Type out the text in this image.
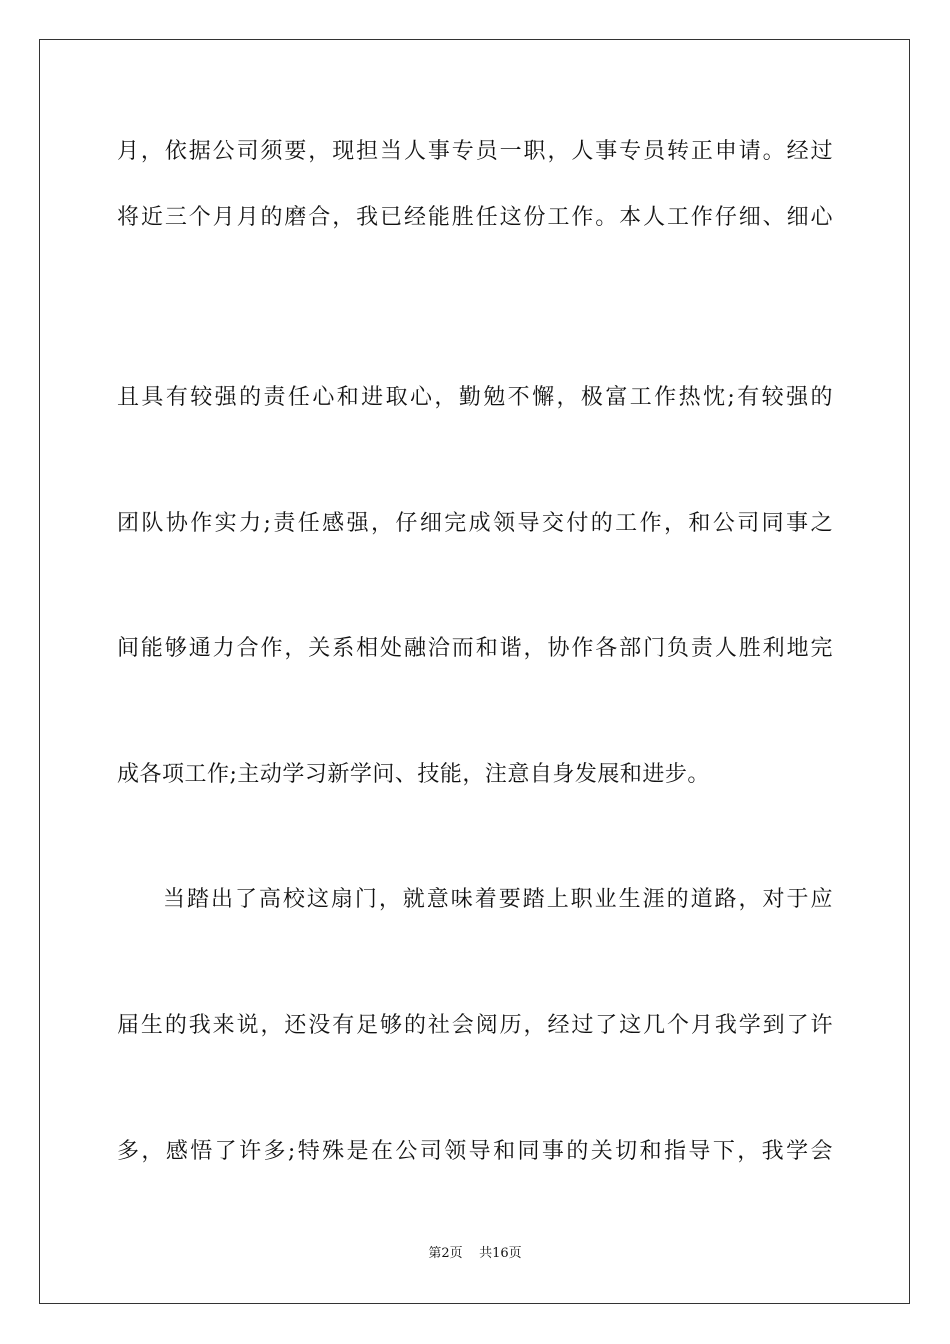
月，依据公司须要，现担当人事专员一职，人事专员转正申请。经过
将近三个月月的磨合，我已经能胜任这份工作。本人工作仔细、细心
且具有较强的责任心和进取心，勤勉不懈，极富工作热忱;有较强的
团队协作实力;责任感强，仔细完成领导交付的工作，和公司同事之
间能够通力合作，关系相处融洽而和谐，协作各部门负责人胜利地完
成各项工作;主动学习新学问、技能，注意自身发展和进步。
当踏出了高校这扇门，就意味着要踏上职业生涯的道路，对于应
届生的我来说，还没有足够的社会阅历，经过了这几个月我学到了许
多，感悟了许多;特殊是在公司领导和同事的关切和指导下，我学会
第2页 共16页
